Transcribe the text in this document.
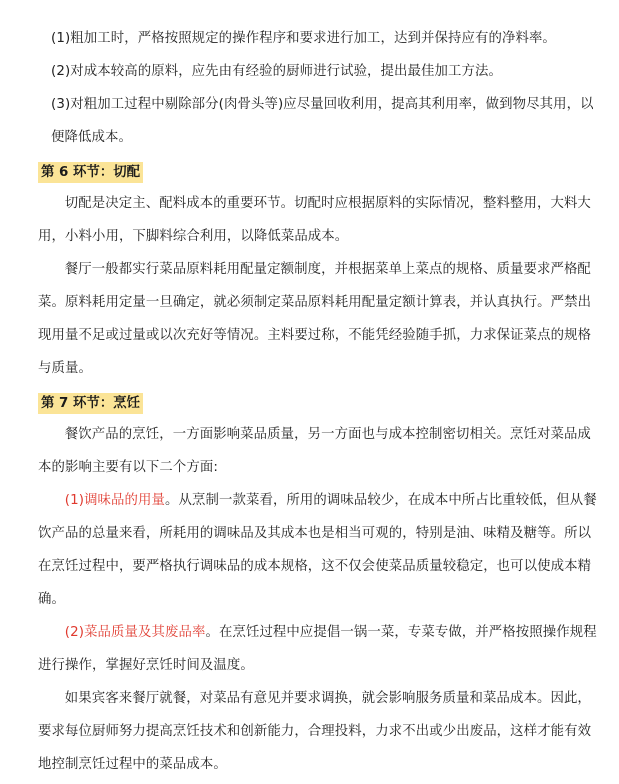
(1)粗加工时，严格按照规定的操作程序和要求进行加工，达到并保持应有的净料率。

(2)对成本较高的原料，应先由有经验的厨师进行试验，提出最佳加工方法。

(3)对粗加工过程中剔除部分(肉骨头等)应尽量回收利用，提高其利用率，做到物尽其用，以便降低成本。

第 6 环节：切配

切配是决定主、配料成本的重要环节。切配时应根据原料的实际情况，整料整用，大料大用，小料小用，下脚料综合利用，以降低菜品成本。

餐厅一般都实行菜品原料耗用配量定额制度，并根据菜单上菜点的规格、质量要求严格配菜。原料耗用定量一旦确定，就必须制定菜品原料耗用配量定额计算表，并认真执行。严禁出现用量不足或过量或以次充好等情况。主料要过称，不能凭经验随手抓，力求保证菜点的规格与质量。

第 7 环节：烹饪

餐饮产品的烹饪，一方面影响菜品质量，另一方面也与成本控制密切相关。烹饪对菜品成本的影响主要有以下二个方面:

(1)调味品的用量。从烹制一款菜看，所用的调味品较少，在成本中所占比重较低，但从餐饮产品的总量来看，所耗用的调味品及其成本也是相当可观的，特别是油、味精及糖等。所以在烹饪过程中，要严格执行调味品的成本规格，这不仅会使菜品质量较稳定，也可以使成本精确。

(2)菜品质量及其废品率。在烹饪过程中应提倡一锅一菜，专菜专做，并严格按照操作规程进行操作，掌握好烹饪时间及温度。

如果宾客来餐厅就餐，对菜品有意见并要求调换，就会影响服务质量和菜品成本。因此，要求每位厨师努力提高烹饪技术和创新能力，合理投料，力求不出或少出废品，这样才能有效地控制烹饪过程中的菜品成本。
